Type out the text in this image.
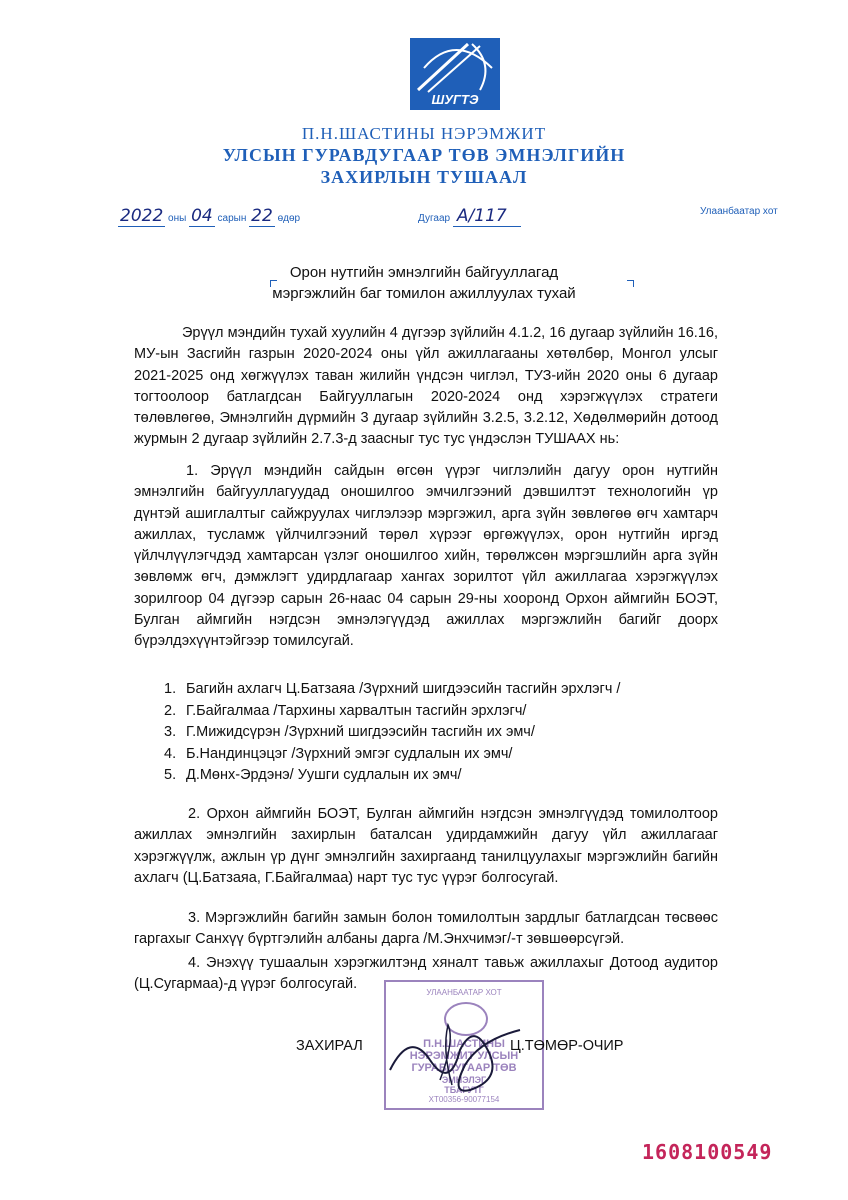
ШУГТЭ
П.Н.ШАСТИНЫ НЭРЭМЖИТ
УЛСЫН ГУРАВДУГААР ТӨВ ЭМНЭЛГИЙН
ЗАХИРЛЫН ТУШААЛ
2022 оны 04 сарын 22 өдөр	Дугаар А/117	Улаанбаатар хот
Орон нутгийн эмнэлгийн байгууллагад
мэргэжлийн баг томилон ажиллуулах тухай
Эрүүл мэндийн тухай хуулийн 4 дүгээр зүйлийн 4.1.2, 16 дугаар зүйлийн 16.16, МУ-ын Засгийн газрын 2020-2024 оны үйл ажиллагааны хөтөлбөр, Монгол улсыг 2021-2025 онд хөгжүүлэх таван жилийн үндсэн чиглэл, ТУЗ-ийн 2020 оны 6 дугаар тогтоолоор батлагдсан Байгууллагын 2020-2024 онд хэрэгжүүлэх стратеги төлөвлөгөө, Эмнэлгийн дүрмийн 3 дугаар зүйлийн 3.2.5, 3.2.12, Хөдөлмөрийн дотоод журмын 2 дугаар зүйлийн 2.7.3-д заасныг тус тус үндэслэн ТУШААХ нь:
1. Эрүүл мэндийн сайдын өгсөн үүрэг чиглэлийн дагуу орон нутгийн эмнэлгийн байгууллагуудад оношилгоо эмчилгээний дэвшилтэт технологийн үр дүнтэй ашиглалтыг сайжруулах чиглэлээр мэргэжил, арга зүйн зөвлөгөө өгч хамтарч ажиллах, тусламж үйлчилгээний төрөл хүрээг өргөжүүлэх, орон нутгийн иргэд үйлчлүүлэгчдэд хамтарсан үзлэг оношилгоо хийн, төрөлжсөн мэргэшлийн арга зүйн зөвлөмж өгч, дэмжлэгт удирдлагаар хангах зорилтот үйл ажиллагаа хэрэгжүүлэх зорилгоор 04 дүгээр сарын 26-наас 04 сарын 29-ны хооронд Орхон аймгийн БОЭТ, Булган аймгийн нэгдсэн эмнэлэгүүдэд ажиллах мэргэжлийн багийг доорх бүрэлдэхүүнтэйгээр томилсугай.
1. Багийн ахлагч Ц.Батзаяа /Зүрхний шигдээсийн тасгийн эрхлэгч /
2. Г.Байгалмаа /Тархины харвалтын тасгийн эрхлэгч/
3. Г.Мижидсүрэн /Зүрхний шигдээсийн тасгийн их эмч/
4. Б.Нандинцэцэг /Зүрхний эмгэг судлалын их эмч/
5. Д.Мөнх-Эрдэнэ/ Уушги судлалын их эмч/
2. Орхон аймгийн БОЭТ, Булган аймгийн нэгдсэн эмнэлгүүдэд томилолтоор ажиллах эмнэлгийн захирлын баталсан удирдамжийн дагуу үйл ажиллагааг хэрэгжүүлж, ажлын үр дүнг эмнэлгийн захиргаанд танилцуулахыг мэргэжлийн багийн ахлагч (Ц.Батзаяа, Г.Байгалмаа) нарт тус тус үүрэг болгосугай.
3. Мэргэжлийн багийн замын болон томилолтын зардлыг батлагдсан төсвөөс гаргахыг Санхүү бүртгэлийн албаны дарга /М.Энхчимэг/-т зөвшөөрсүгэй.
4. Энэхүү тушаалын хэрэгжилтэнд хяналт тавьж ажиллахыг Дотоод аудитор (Ц.Сугармаа)-д үүрэг болгосугай.
УЛААНБААТАР ХОТ
П.Н.ШАСТИНЫ
НЭРЭМЖИТ УЛСЫН
ГУРАВДУГААР ТӨВ
ЭМНЭЛЭГ
ТБАГУТГ
ХТ00356-90077154
ЗАХИРАЛ	Ц.ТӨМӨР-ОЧИР
1608100549
